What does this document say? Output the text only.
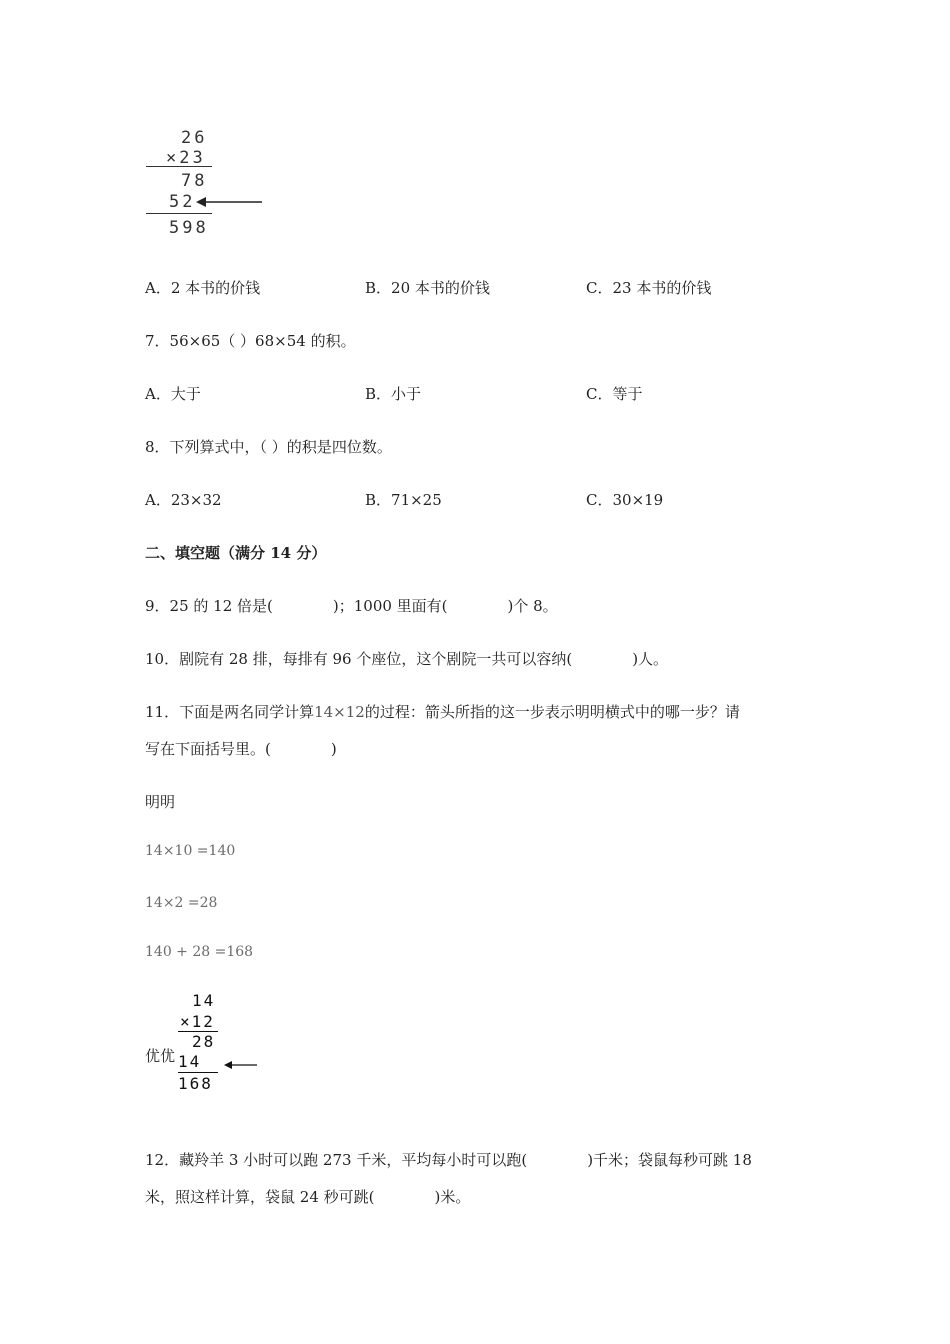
26
×23
78
52
598
A．2 本书的价钱	B．20 本书的价钱	C．23 本书的价钱
7．56×65（ ）68×54 的积。
A．大于	B．小于	C．等于
8．下列算式中，（ ）的积是四位数。
A．23×32	B．71×25	C．30×19
二、填空题（满分 14 分）
9．25 的 12 倍是(　　　　)；1000 里面有(　　　　)个 8。
10．剧院有 28 排，每排有 96 个座位，这个剧院一共可以容纳(　　　　)人。
11．下面是两名同学计算14×12的过程：箭头所指的这一步表示明明横式中的哪一步？请
写在下面括号里。(　　　　)
明明
14×10 =140
14×2 =28
140 + 28 =168
优优
14
×12
28
14
168
12．藏羚羊 3 小时可以跑 273 千米，平均每小时可以跑(　　　　)千米；袋鼠每秒可跳 18
米，照这样计算，袋鼠 24 秒可跳(　　　　)米。
